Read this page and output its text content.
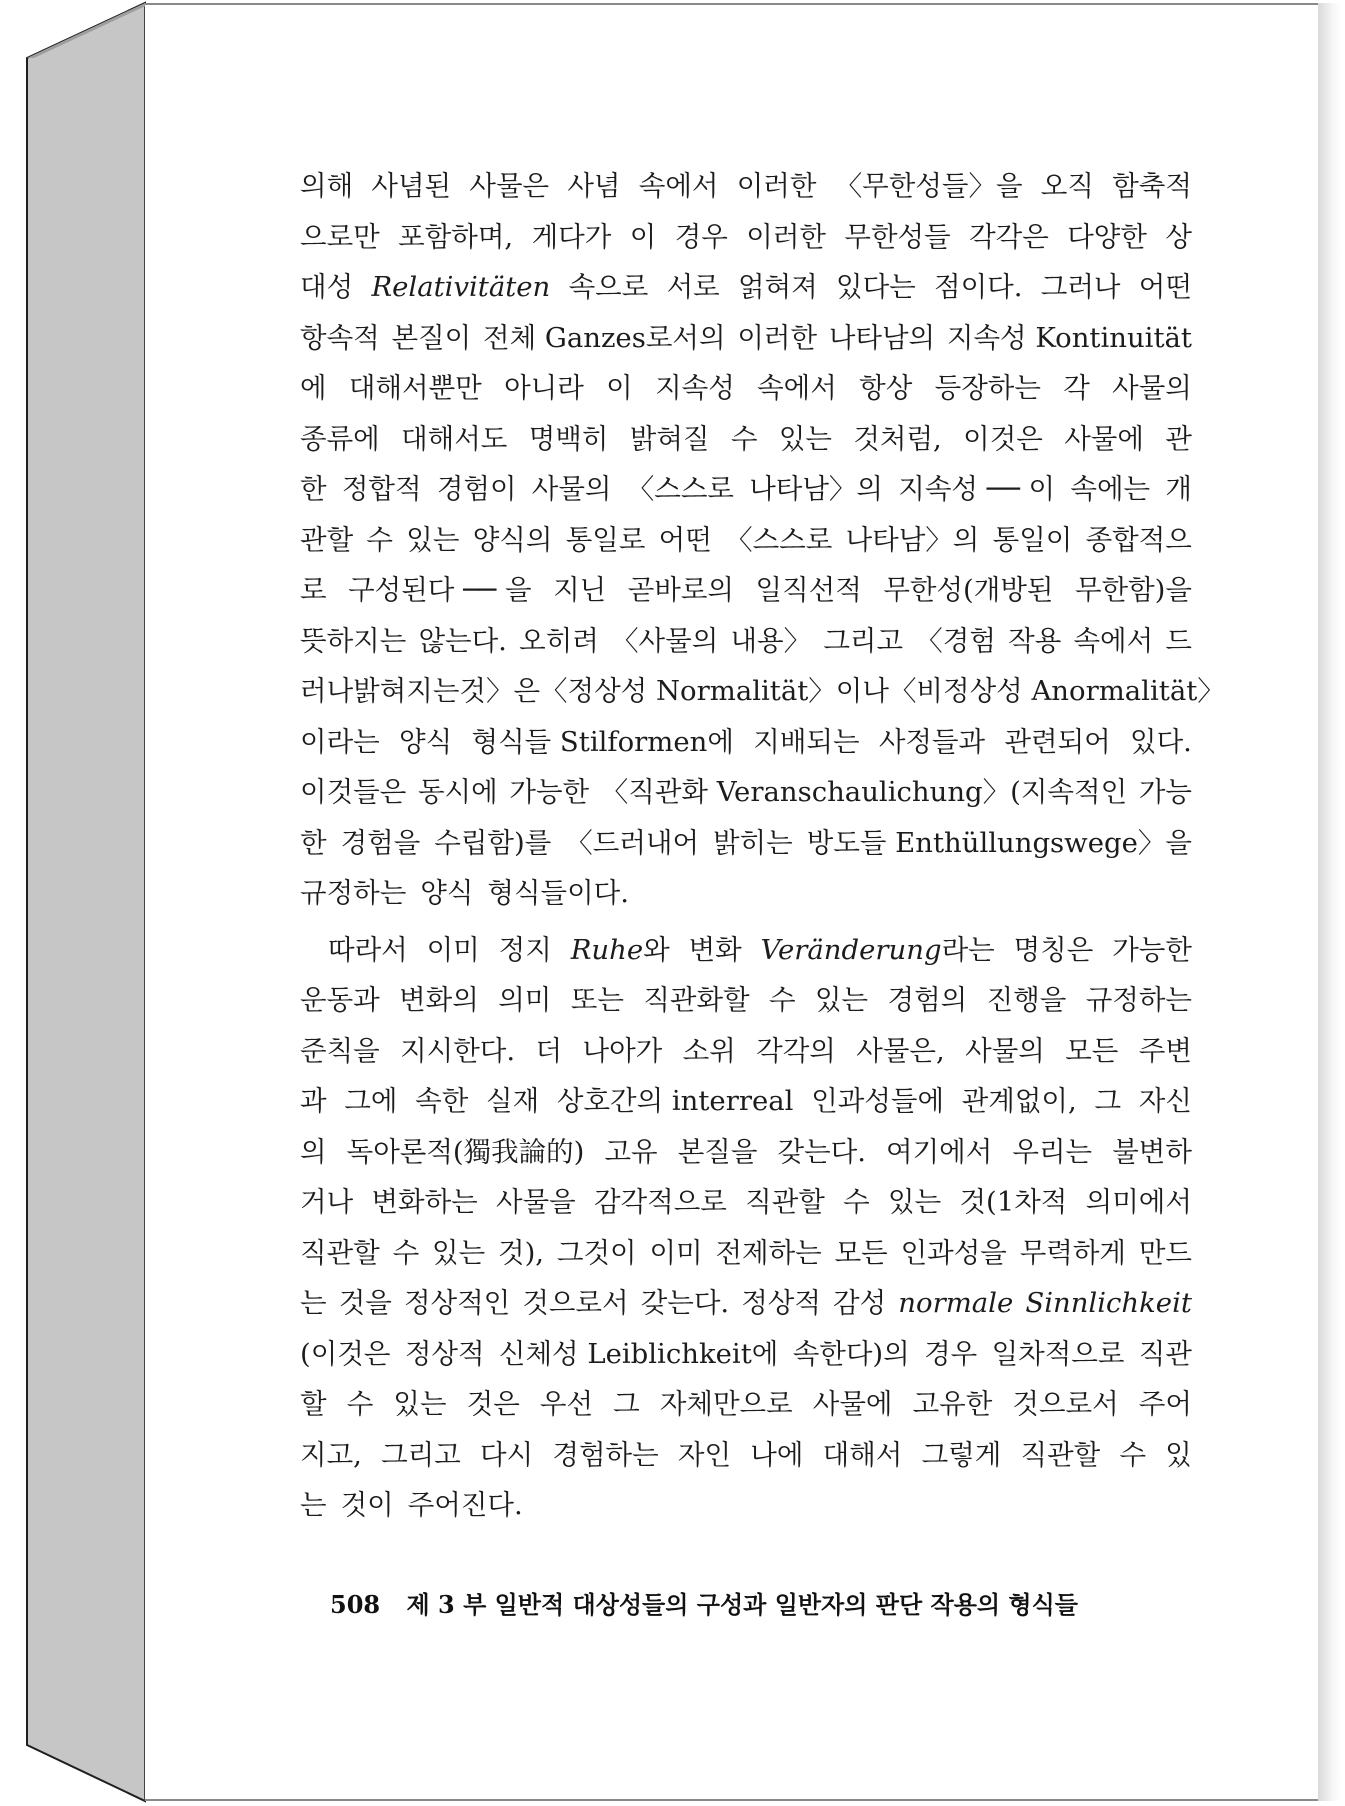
의해 사념된 사물은 사념 속에서 이러한 〈무한성들〉을 오직 함축적
으로만 포함하며, 게다가 이 경우 이러한 무한성들 각각은 다양한 상
대성 Relativitäten 속으로 서로 얽혀져 있다는 점이다. 그러나 어떤
항속적 본질이 전체 Ganzes로서의 이러한 나타남의 지속성 Kontinuität
에 대해서뿐만 아니라 이 지속성 속에서 항상 등장하는 각 사물의
종류에 대해서도 명백히 밝혀질 수 있는 것처럼, 이것은 사물에 관
한 정합적 경험이 사물의 〈스스로 나타남〉의 지속성 ── 이 속에는 개
관할 수 있는 양식의 통일로 어떤 〈스스로 나타남〉의 통일이 종합적으
로 구성된다 ── 을 지닌 곧바로의 일직선적 무한성(개방된 무한함)을
뜻하지는 않는다. 오히려 〈사물의 내용〉 그리고 〈경험 작용 속에서 드
러나 밝혀지는 것〉은 〈정상성 Normalität〉이나 〈비정상성 Anormalität〉
이라는 양식 형식들 Stilformen에 지배되는 사정들과 관련되어 있다.
이것들은 동시에 가능한 〈직관화 Veranschaulichung〉(지속적인 가능
한 경험을 수립함)를 〈드러내어 밝히는 방도들 Enthüllungswege〉을
규정하는 양식 형식들이다.
따라서 이미 정지 Ruhe와 변화 Veränderung라는 명칭은 가능한
운동과 변화의 의미 또는 직관화할 수 있는 경험의 진행을 규정하는
준칙을 지시한다. 더 나아가 소위 각각의 사물은, 사물의 모든 주변
과 그에 속한 실재 상호간의 interreal 인과성들에 관계없이, 그 자신
의 독아론적(獨我論的) 고유 본질을 갖는다. 여기에서 우리는 불변하
거나 변화하는 사물을 감각적으로 직관할 수 있는 것(1차적 의미에서
직관할 수 있는 것), 그것이 이미 전제하는 모든 인과성을 무력하게 만드
는 것을 정상적인 것으로서 갖는다. 정상적 감성 normale Sinnlichkeit
(이것은 정상적 신체성 Leiblichkeit에 속한다)의 경우 일차적으로 직관
할 수 있는 것은 우선 그 자체만으로 사물에 고유한 것으로서 주어
지고, 그리고 다시 경험하는 자인 나에 대해서 그렇게 직관할 수 있
는 것이 주어진다.
508 제 3 부 일반적 대상성들의 구성과 일반자의 판단 작용의 형식들
